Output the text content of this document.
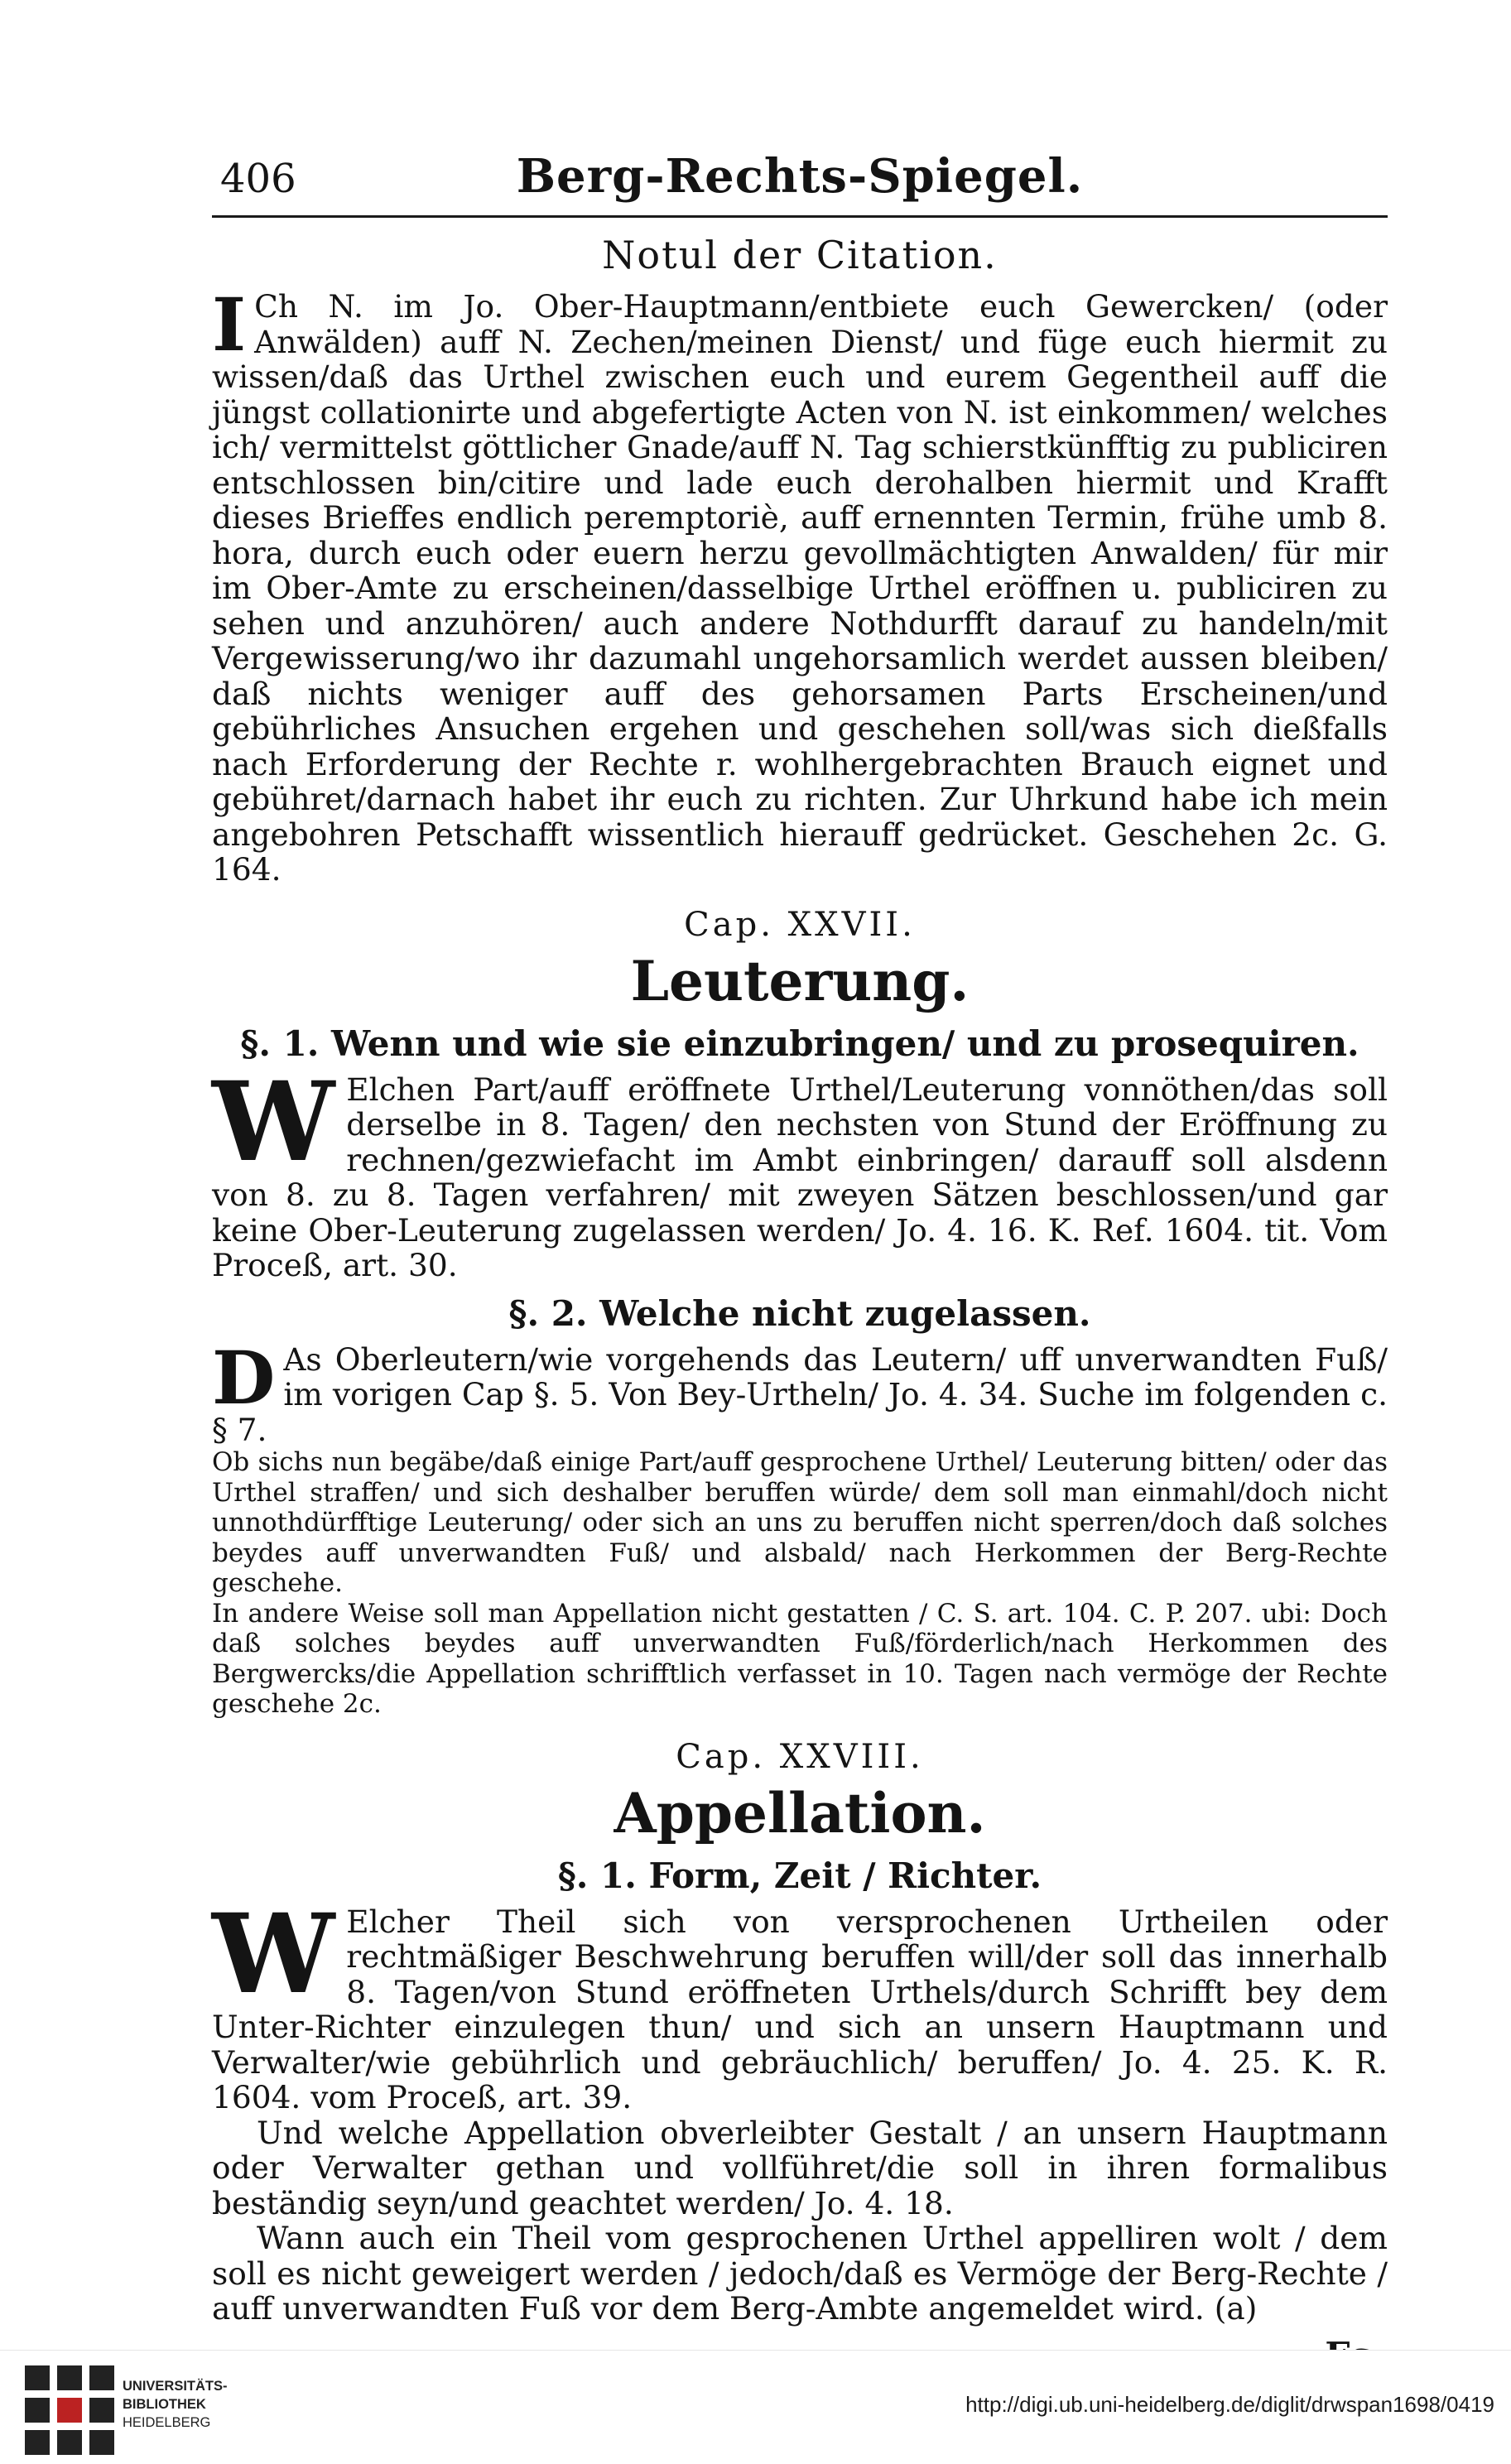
406	Berg-Rechts-Spiegel.
Notul der Citation.

I Ch N. im Jo. Ober-Hauptmann/entbiete euch Gewercken/ (oder Anwälden) auff N. Zechen/meinen Dienst/ und füge euch hiermit zu wissen/daß das Urthel zwischen euch und eurem Gegentheil auff die jüngst collationirte und abgefertigte Acten von N. ist einkommen/ welches ich/ vermittelst göttlicher Gnade/auff N. Tag schierstkünfftig zu publiciren entschlossen bin/citire und lade euch derohalben hiermit und Krafft dieses Brieffes endlich peremptoriè, auff ernennten Termin, frühe umb 8. hora, durch euch oder euern herzu gevollmächtigten Anwalden/ für mir im Ober-Amte zu erscheinen/dasselbige Urthel eröffnen u. publiciren zu sehen und anzuhören/ auch andere Nothdurfft darauf zu handeln/mit Vergewisserung/wo ihr dazumahl ungehorsamlich werdet aussen bleiben/ daß nichts weniger auff des gehorsamen Parts Erscheinen/und gebührliches Ansuchen ergehen und geschehen soll/was sich dießfalls nach Erforderung der Rechte r. wohlhergebrachten Brauch eignet und gebühret/darnach habet ihr euch zu richten. Zur Uhrkund habe ich mein angebohren Petschafft wissentlich hierauff gedrücket. Geschehen 2c. G. 164.

Cap. XXVII.
Leuterung.
§. 1. Wenn und wie sie einzubringen/ und zu prosequiren.

W Elchen Part/auff eröffnete Urthel/Leuterung vonnöthen/das soll derselbe in 8. Tagen/ den nechsten von Stund der Eröffnung zu rechnen/gezwiefacht im Ambt einbringen/ darauff soll alsdenn von 8. zu 8. Tagen verfahren/ mit zweyen Sätzen beschlossen/und gar keine Ober-Leuterung zugelassen werden/ Jo. 4. 16. K. Ref. 1604. tit. Vom Proceß, art. 30.

§. 2. Welche nicht zugelassen.

D As Oberleutern/wie vorgehends das Leutern/ uff unverwandten Fuß/ im vorigen Cap §. 5. Von Bey-Urtheln/ Jo. 4. 34. Suche im folgenden c. § 7.

Ob sichs nun begäbe/daß einige Part/auff gesprochene Urthel/ Leuterung bitten/ oder das Urthel straffen/ und sich deshalber beruffen würde/ dem soll man einmahl/doch nicht unnothdürfftige Leuterung/ oder sich an uns zu beruffen nicht sperren/doch daß solches beydes auff unverwandten Fuß/ und alsbald/ nach Herkommen der Berg-Rechte geschehe.

In andere Weise soll man Appellation nicht gestatten / C. S. art. 104. C. P. 207. ubi: Doch daß solches beydes auff unverwandten Fuß/förderlich/nach Herkommen des Bergwercks/die Appellation schrifftlich verfasset in 10. Tagen nach vermöge der Rechte geschehe 2c.

Cap. XXVIII.
Appellation.
§. 1. Form, Zeit / Richter.

W Elcher Theil sich von versprochenen Urtheilen oder rechtmäßiger Beschwehrung beruffen will/der soll das innerhalb 8. Tagen/von Stund eröffneten Urthels/durch Schrifft bey dem Unter-Richter einzulegen thun/ und sich an unsern Hauptmann und Verwalter/wie gebührlich und gebräuchlich/ beruffen/ Jo. 4. 25. K. R. 1604. vom Proceß, art. 39.

Und welche Appellation obverleibter Gestalt / an unsern Hauptmann oder Verwalter gethan und vollführet/die soll in ihren formalibus beständig seyn/und geachtet werden/ Jo. 4. 18.

Wann auch ein Theil vom gesprochenen Urthel appelliren wolt / dem soll es nicht geweigert werden / jedoch/daß es Vermöge der Berg-Rechte / auff unverwandten Fuß vor dem Berg-Ambte angemeldet wird. (a)

UNIVERSITÄTS-
BIBLIOTHEK
HEIDELBERG
http://digi.ub.uni-heidelberg.de/diglit/drwspan1698/0419
